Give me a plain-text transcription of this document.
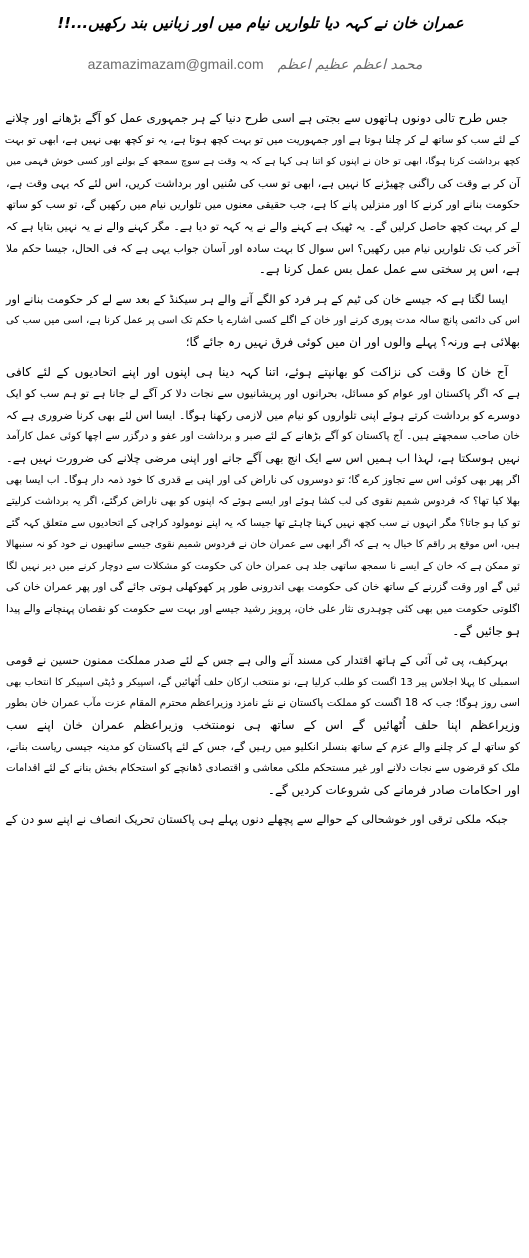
عمران خان نے کہہ دیا تلواریں نیام میں اور زبانیں بند رکھیں...!!
azamazimazam@gmail.com محمد اعظم عظیم اعظم
جس طرح تالی دونوں ہاتھوں سے بجتی ہے اسی طرح دنیا کے ہر جمہوری عمل کو آگے بڑھانے اور چلانے
کے لئے سب کو ساتھ لے کر چلنا ہوتا ہے اور جمہوریت میں تو بہت کچھ ہوتا ہے، یہ تو کچھ بھی نہیں ہے، ابھی تو بہت
کچھ برداشت کرنا ہوگا، ابھی تو خان نے اپنوں کو اتنا ہی کہا ہے کہ یہ وقت ہے سوچ سمجھ کے بولنے اور کسی خوش فہمی میں
آن کر بے وقت کی راگنی چھیڑنے کا نہیں ہے، ابھی تو سب کی سُنیں اور برداشت کریں، اس لئے کہ یہی وقت ہے،
حکومت بنانے اور کرنے کا اور منزلیں پانے کا ہے، جب حقیقی معنوں میں تلواریں نیام میں رکھیں گے، تو سب کو ساتھ
لے کر بہت کچھ حاصل کرلیں گے۔ یہ ٹھیک ہے کہنے والے نے یہ کہہ تو دیا ہے۔ مگر کہنے والے نے یہ نہیں بتایا ہے کہ
آخر کب تک تلواریں نیام میں رکھیں؟ اس سوال کا بہت سادہ اور آسان جواب یہی ہے کہ فی الحال، جیسا حکم ملا
ہے، اس پر سختی سے عمل عمل بس عمل کرنا ہے۔
ایسا لگتا ہے کہ جیسے خان کی ٹیم کے ہر فرد کو الگے آنے والے ہر سیکنڈ کے بعد سے لے کر حکومت بنانے اور
اس کی دائمی پانچ سالہ مدت پوری کرنے اور خان کے اگلے کسی اشارے یا حکم تک اسی پر عمل کرنا ہے، اسی میں سب کی
بھلائی ہے ورنہ؟ پہلے والوں اور ان میں کوئی فرق نہیں رہ جائے گا؛
آج خان کا وقت کی نزاکت کو بھانپتے ہوئے، اتنا کہہ دینا ہی اپنوں اور اپنے اتحادیوں کے لئے کافی
ہے کہ اگر پاکستان اور عوام کو مسائل، بحرانوں اور پریشانیوں سے نجات دلا کر آگے لے جانا ہے تو ہم سب کو ایک
دوسرے کو برداشت کرتے ہوئے اپنی تلواروں کو نیام میں لازمی رکھنا ہوگا۔ ایسا اس لئے بھی کرنا ضروری ہے کہ
خان صاحب سمجھتے ہیں۔ آج پاکستان کو آگے بڑھانے کے لئے صبر و برداشت اور عفو و درگزر سے اچھا کوئی عمل کارآمد
نہیں ہوسکتا ہے، لہذا اب ہمیں اس سے ایک انچ بھی آگے جانے اور اپنی مرضی چلانے کی ضرورت نہیں ہے۔
اگر پھر بھی کوئی اس سے تجاوز کرے گا؛ تو دوسروں کی ناراض کی اور اپنی بے قدری کا خود ذمہ دار ہوگا۔ اب ایسا بھی
بھلا کیا تھا؟ کہ فردوس شمیم نقوی کی لب کشا ہوئے اور ایسے ہوئے کہ اپنوں کو بھی ناراض کرگئے، اگر یہ برداشت کرلیتے
تو کیا ہو جاتا؟ مگر انہوں نے سب کچھ نہیں کہنا چاہئے تھا جیسا کہ یہ اپنے نومولود کراچی کے اتحادیوں سے متعلق کہہ گئے
ہیں، اس موقع پر راقم کا خیال یہ ہے کہ اگر ابھی سے عمران خان نے فردوس شمیم نقوی جیسے ساتھیوں نے خود کو نہ سنبھالا
تو ممکن ہے کہ خان کے ایسے نا سمجھ ساتھی جلد ہی عمران خان کی حکومت کو مشکلات سے دوچار کرنے میں دیر نہیں لگا
ئیں گے اور وقت گزرنے کے ساتھ خان کی حکومت بھی اندرونی طور پر کھوکھلی ہوتی جائے گی اور پھر عمران خان کی
اگلوتی حکومت میں بھی کئی چوہدری نثار علی خان، پرویز رشید جیسے اور بہت سے حکومت کو نقصان پہنچانے والے پیدا
ہو جائیں گے۔
بہرکیف، پی ٹی آئی کے ہاتھ اقتدار کی مسند آنے والی ہے جس کے لئے صدر مملکت ممنون حسین نے قومی
اسمبلی کا پہلا اجلاس پیر 13 اگست کو طلب کرلیا ہے، نو منتخب ارکان حلف اُٹھائیں گے، اسپیکر و ڈپٹی اسپیکر کا انتخاب بھی
اسی روز ہوگا؛ جب کہ 18 اگست کو مملکت پاکستان نے نئے نامزد وزیراعظم محترم المقام عزت مآب عمران خان بطور
وزیراعظم اپنا حلف اُٹھائیں گے اس کے ساتھ ہی نومنتخب وزیراعظم عمران خان اپنے سب
کو ساتھ لے کر چلنے والے عزم کے ساتھ بنسلر انکلیو میں رہیں گے، جس کے لئے پاکستان کو مدینہ جیسی ریاست بنانے،
ملک کو قرضوں سے نجات دلانے اور غیر مستحکم ملکی معاشی و اقتصادی ڈھانچے کو استحکام بخش بنانے کے لئے اقدامات
اور احکامات صادر فرمانے کی شروعات کردیں گے۔
جبکہ ملکی ترقی اور خوشحالی کے حوالے سے پچھلے دنوں پہلے ہی پاکستان تحریک انصاف نے اپنے سو دن کے
